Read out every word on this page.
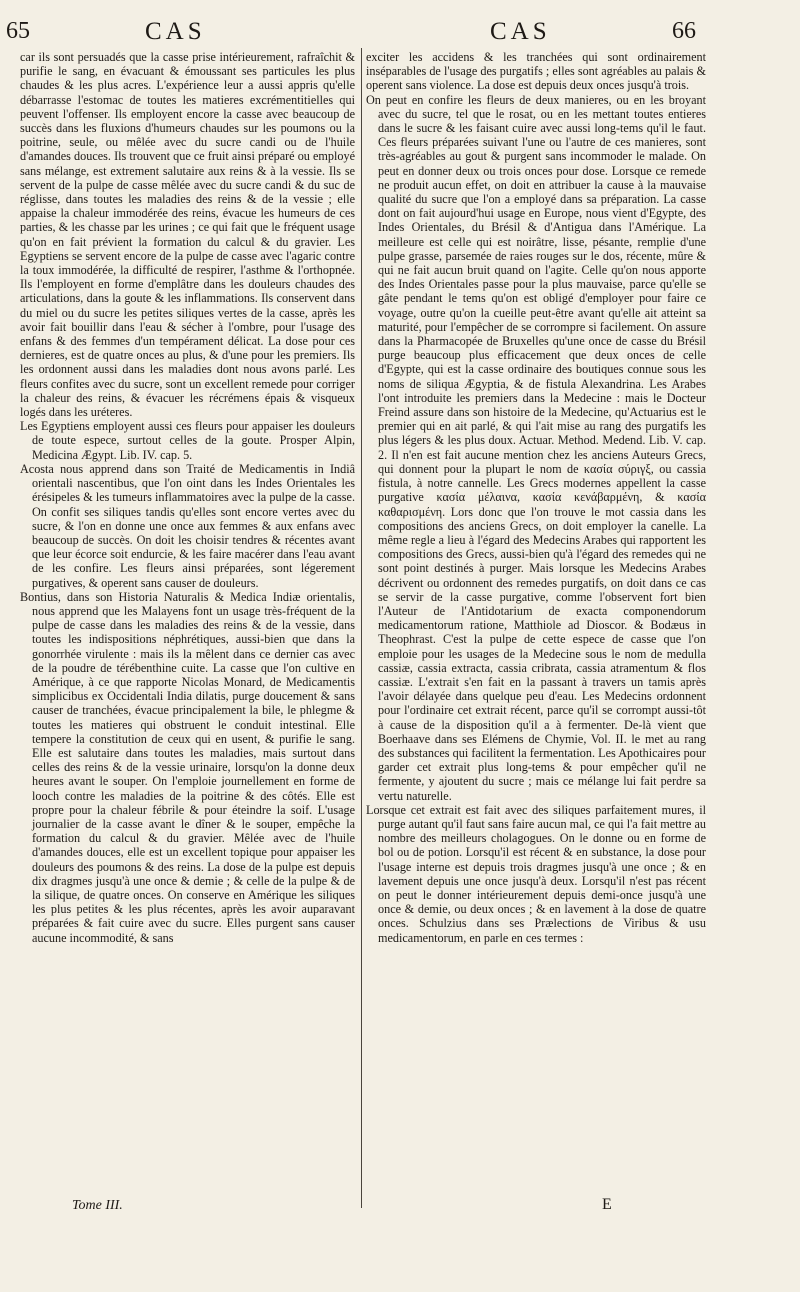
65	CAS	CAS	66

car ils sont persuadés que la casse prise intérieurement, rafraîchit & purifie le sang, en évacuant & émoussant ses particules les plus chaudes & les plus acres. L'expérience leur a aussi appris qu'elle débarrasse l'estomac de toutes les matieres excrémentitielles qui peuvent l'offenser. Ils employent encore la casse avec beaucoup de succès dans les fluxions d'humeurs chaudes sur les poumons ou la poitrine, seule, ou mêlée avec du sucre candi ou de l'huile d'amandes douces. Ils trouvent que ce fruit ainsi préparé ou employé sans mélange, est extrement salutaire aux reins & à la vessie. Ils se servent de la pulpe de casse mêlée avec du sucre candi & du suc de réglisse, dans toutes les maladies des reins & de la vessie ; elle appaise la chaleur immodérée des reins, évacue les humeurs de ces parties, & les chasse par les urines ; ce qui fait que le fréquent usage qu'on en fait prévient la formation du calcul & du gravier. Les Egyptiens se servent encore de la pulpe de casse avec l'agaric contre la toux immodérée, la difficulté de respirer, l'asthme & l'orthopnée. Ils l'employent en forme d'emplâtre dans les douleurs chaudes des articulations, dans la goute & les inflammations. Ils conservent dans du miel ou du sucre les petites siliques vertes de la casse, après les avoir fait bouillir dans l'eau & sécher à l'ombre, pour l'usage des enfans & des femmes d'un tempérament délicat. La dose pour ces dernieres, est de quatre onces au plus, & d'une pour les premiers. Ils les ordonnent aussi dans les maladies dont nous avons parlé. Les fleurs confites avec du sucre, sont un excellent remede pour corriger la chaleur des reins, & évacuer les récrémens épais & visqueux logés dans les uréteres.

Les Egyptiens employent aussi ces fleurs pour appaiser les douleurs de toute espece, surtout celles de la goute. Prosper Alpin, Medicina Ægypt. Lib. IV. cap. 5.

Acosta nous apprend dans son Traité de Medicamentis in Indiâ orientali nascentibus, que l'on oint dans les Indes Orientales les érésipeles & les tumeurs inflammatoires avec la pulpe de la casse. On confit ses siliques tandis qu'elles sont encore vertes avec du sucre, & l'on en donne une once aux femmes & aux enfans avec beaucoup de succès. On doit les choisir tendres & récentes avant que leur écorce soit endurcie, & les faire macérer dans l'eau avant de les confire. Les fleurs ainsi préparées, sont légerement purgatives, & operent sans causer de douleurs.

Bontius, dans son Historia Naturalis & Medica Indiæ orientalis, nous apprend que les Malayens font un usage très-fréquent de la pulpe de casse dans les maladies des reins & de la vessie, dans toutes les indispositions néphrétiques, aussi-bien que dans la gonorrhée virulente : mais ils la mêlent dans ce dernier cas avec de la poudre de térébenthine cuite. La casse que l'on cultive en Amérique, à ce que rapporte Nicolas Monard, de Medicamentis simplicibus ex Occidentali India dilatis, purge doucement & sans causer de tranchées, évacue principalement la bile, le phlegme & toutes les matieres qui obstruent le conduit intestinal. Elle tempere la constitution de ceux qui en usent, & purifie le sang. Elle est salutaire dans toutes les maladies, mais surtout dans celles des reins & de la vessie urinaire, lorsqu'on la donne deux heures avant le souper. On l'emploie journellement en forme de looch contre les maladies de la poitrine & des côtés. Elle est propre pour la chaleur fébrile & pour éteindre la soif. L'usage journalier de la casse avant le dîner & le souper, empêche la formation du calcul & du gravier. Mêlée avec de l'huile d'amandes douces, elle est un excellent topique pour appaiser les douleurs des poumons & des reins. La dose de la pulpe est depuis dix dragmes jusqu'à une once & demie ; & celle de la pulpe & de la silique, de quatre onces. On conserve en Amérique les siliques les plus petites & les plus récentes, après les avoir auparavant préparées & fait cuire avec du sucre. Elles purgent sans causer aucune incommodité, & sans

exciter les accidens & les tranchées qui sont ordinairement inséparables de l'usage des purgatifs ; elles sont agréables au palais & operent sans violence. La dose est depuis deux onces jusqu'à trois.

On peut en confire les fleurs de deux manieres, ou en les broyant avec du sucre, tel que le rosat, ou en les mettant toutes entieres dans le sucre & les faisant cuire avec aussi long-tems qu'il le faut. Ces fleurs préparées suivant l'une ou l'autre de ces manieres, sont très-agréables au gout & purgent sans incommoder le malade. On peut en donner deux ou trois onces pour dose. Lorsque ce remede ne produit aucun effet, on doit en attribuer la cause à la mauvaise qualité du sucre que l'on a employé dans sa préparation. La casse dont on fait aujourd'hui usage en Europe, nous vient d'Egypte, des Indes Orientales, du Brésil & d'Antigua dans l'Amérique. La meilleure est celle qui est noirâtre, lisse, pésante, remplie d'une pulpe grasse, parsemée de raies rouges sur le dos, récente, mûre & qui ne fait aucun bruit quand on l'agite. Celle qu'on nous apporte des Indes Orientales passe pour la plus mauvaise, parce qu'elle se gâte pendant le tems qu'on est obligé d'employer pour faire ce voyage, outre qu'on la cueille peut-être avant qu'elle ait atteint sa maturité, pour l'empêcher de se corrompre si facilement. On assure dans la Pharmacopée de Bruxelles qu'une once de casse du Brésil purge beaucoup plus efficacement que deux onces de celle d'Egypte, qui est la casse ordinaire des boutiques connue sous les noms de siliqua Ægyptia, & de fistula Alexandrina. Les Arabes l'ont introduite les premiers dans la Medecine : mais le Docteur Freind assure dans son histoire de la Medecine, qu'Actuarius est le premier qui en ait parlé, & qui l'ait mise au rang des purgatifs les plus légers & les plus doux. Actuar. Method. Medend. Lib. V. cap. 2. Il n'en est fait aucune mention chez les anciens Auteurs Grecs, qui donnent pour la plupart le nom de κασία σύριγξ, ou cassia fistula, à notre cannelle. Les Grecs modernes appellent la casse purgative κασία μέλαινα, κασία κενάβαρμένη, & κασία καθαρισμένη. Lors donc que l'on trouve le mot cassia dans les compositions des anciens Grecs, on doit employer la canelle. La même regle a lieu à l'égard des Medecins Arabes qui rapportent les compositions des Grecs, aussi-bien qu'à l'égard des remedes qui ne sont point destinés à purger. Mais lorsque les Medecins Arabes décrivent ou ordonnent des remedes purgatifs, on doit dans ce cas se servir de la casse purgative, comme l'observent fort bien l'Auteur de l'Antidotarium de exacta componendorum medicamentorum ratione, Matthiole ad Dioscor. & Bodæus in Theophrast. C'est la pulpe de cette espece de casse que l'on emploie pour les usages de la Medecine sous le nom de medulla cassiæ, cassia extracta, cassia cribrata, cassia atramentum & flos cassiæ. L'extrait s'en fait en la passant à travers un tamis après l'avoir délayée dans quelque peu d'eau. Les Medecins ordonnent pour l'ordinaire cet extrait récent, parce qu'il se corrompt aussi-tôt à cause de la disposition qu'il a à fermenter. De-là vient que Boerhaave dans ses Elémens de Chymie, Vol. II. le met au rang des substances qui facilitent la fermentation. Les Apothicaires pour garder cet extrait plus long-tems & pour empêcher qu'il ne fermente, y ajoutent du sucre ; mais ce mélange lui fait perdre sa vertu naturelle.

Lorsque cet extrait est fait avec des siliques parfaitement mures, il purge autant qu'il faut sans faire aucun mal, ce qui l'a fait mettre au nombre des meilleurs cholagogues. On le donne ou en forme de bol ou de potion. Lorsqu'il est récent & en substance, la dose pour l'usage interne est depuis trois dragmes jusqu'à une once ; & en lavement depuis une once jusqu'à deux. Lorsqu'il n'est pas récent on peut le donner intérieurement depuis demi-once jusqu'à une once & demie, ou deux onces ; & en lavement à la dose de quatre onces. Schulzius dans ses Prælections de Viribus & usu medicamentorum, en parle en ces termes :

Tome III.	E
